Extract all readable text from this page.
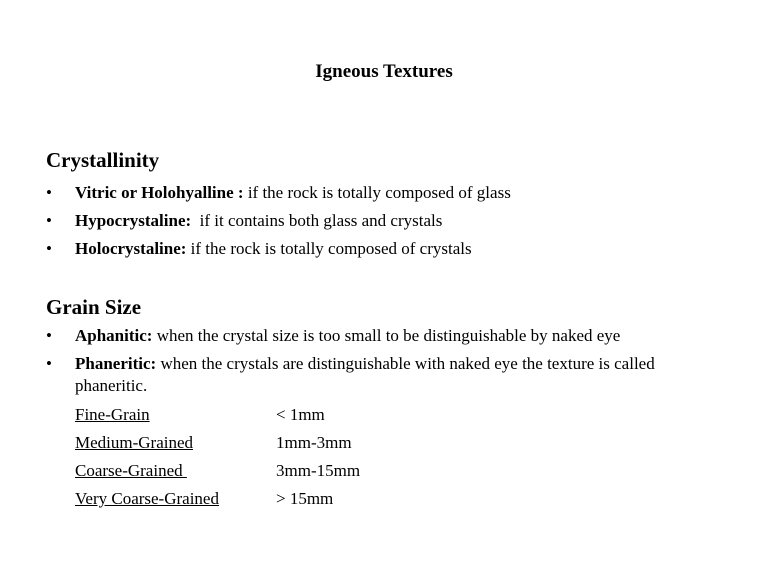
Igneous Textures
Crystallinity
• Vitric or Holohyalline : if the rock is totally composed of glass
• Hypocrystaline:  if it contains both glass and crystals
• Holocrystaline: if the rock is totally composed of crystals
Grain Size
• Aphanitic: when the crystal size is too small to be distinguishable by naked eye
• Phaneritic: when the crystals are distinguishable with naked eye the texture is called phaneritic.
Fine-Grain	< 1mm
Medium-Grained	1mm-3mm
Coarse-Grained	3mm-15mm
Very Coarse-Grained	> 15mm
